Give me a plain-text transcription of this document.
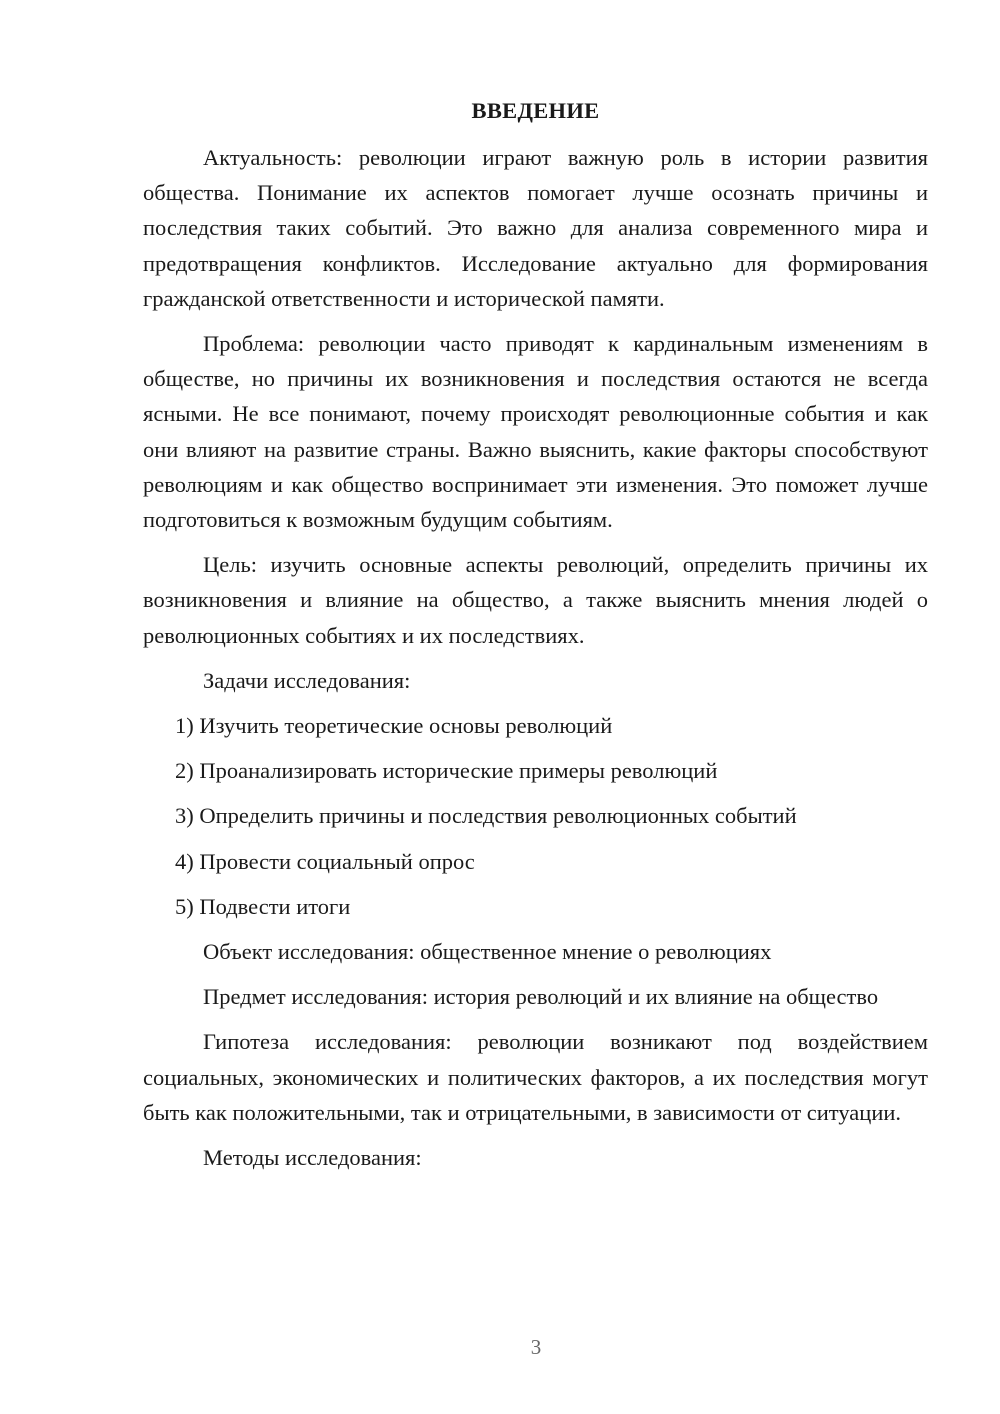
ВВЕДЕНИЕ

Актуальность: революции играют важную роль в истории развития общества. Понимание их аспектов помогает лучше осознать причины и последствия таких событий. Это важно для анализа современного мира и предотвращения конфликтов. Исследование актуально для формирования гражданской ответственности и исторической памяти.

Проблема: революции часто приводят к кардинальным изменениям в обществе, но причины их возникновения и последствия остаются не всегда ясными. Не все понимают, почему происходят революционные события и как они влияют на развитие страны. Важно выяснить, какие факторы способствуют революциям и как общество воспринимает эти изменения. Это поможет лучше подготовиться к возможным будущим событиям.

Цель: изучить основные аспекты революций, определить причины их возникновения и влияние на общество, а также выяснить мнения людей о революционных событиях и их последствиях.

Задачи исследования:

1) Изучить теоретические основы революций
2) Проанализировать исторические примеры революций
3) Определить причины и последствия революционных событий
4) Провести социальный опрос
5) Подвести итоги

Объект исследования: общественное мнение о революциях

Предмет исследования: история революций и их влияние на общество

Гипотеза исследования: революции возникают под воздействием социальных, экономических и политических факторов, а их последствия могут быть как положительными, так и отрицательными, в зависимости от ситуации.

Методы исследования:

3
